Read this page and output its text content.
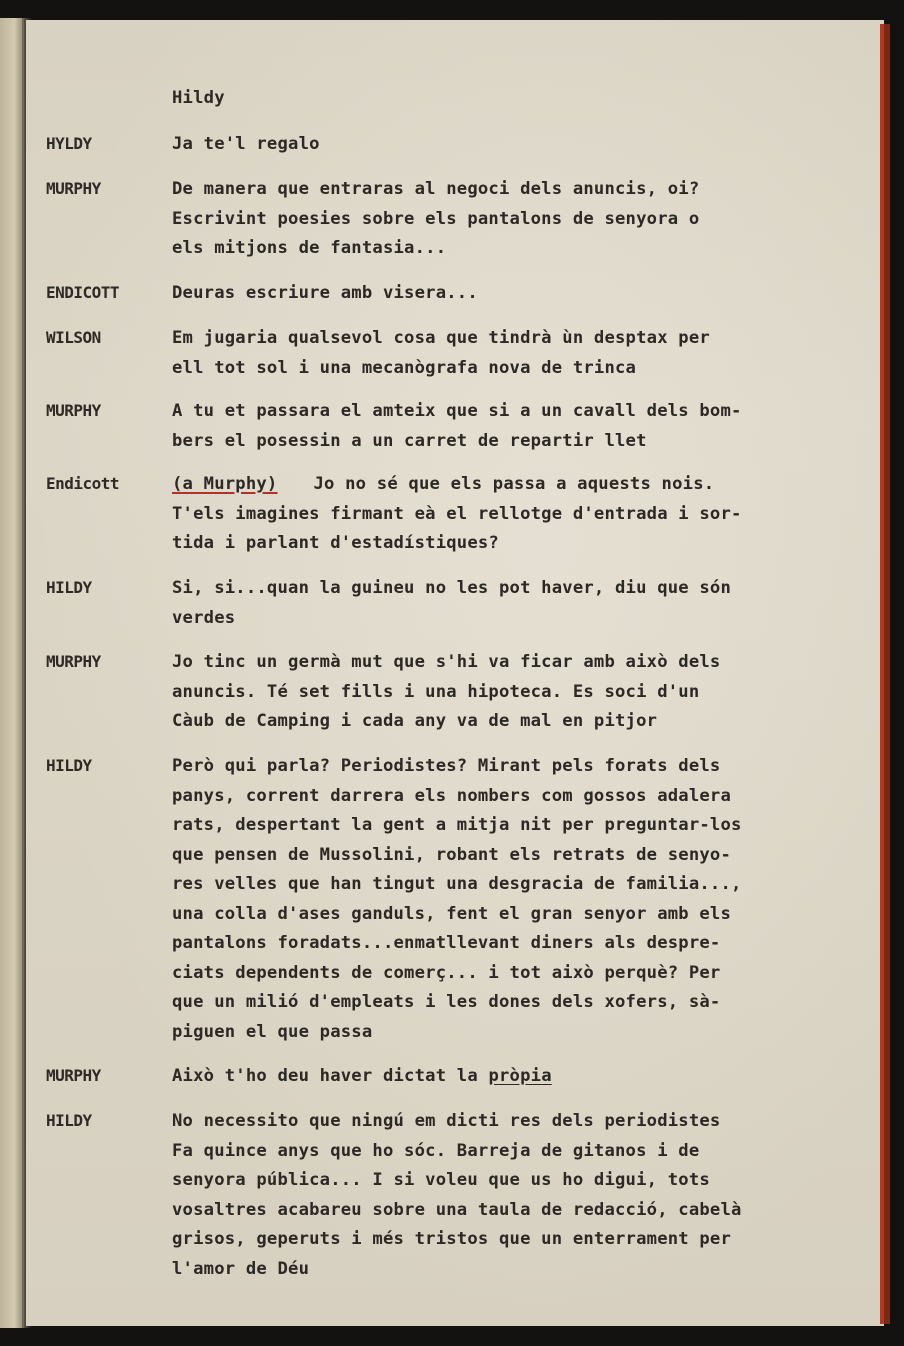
Hildy
HYLDY	Ja te'l regalo
MURPHY	De manera que entraras al negoci dels anuncis, oi?
Escrivint poesies sobre els pantalons de senyora o
els mitjons de fantasia...
ENDICOTT	Deuras escriure amb visera...
WILSON	Em jugaria qualsevol cosa que tindrà ùn desptax per
ell tot sol i una mecanògrafa nova de trinca
MURPHY	A tu et passara el amteix que si a un cavall dels bom-
bers el posessin a un carret de repartir llet
Endicott	(a Murphy) Jo no sé que els passa a aquests nois.
T'els imagines firmant eà el rellotge d'entrada i sor-
tida i parlant d'estadístiques?
HILDY	Si, si...quan la guineu no les pot haver, diu que són
verdes
MURPHY	Jo tinc un germà mut que s'hi va ficar amb això dels
anuncis. Té set fills i una hipoteca. Es soci d'un
Càub de Camping i cada any va de mal en pitjor
HILDY	Però qui parla? Periodistes? Mirant pels forats dels
panys, corrent darrera els nombers com gossos adalera
rats, despertant la gent a mitja nit per preguntar-los
que pensen de Mussolini, robant els retrats de senyo-
res velles que han tingut una desgracia de familia...,
una colla d'ases ganduls, fent el gran senyor amb els
pantalons foradats...enmatllevant diners als despre-
ciats dependents de comerç... i tot això perquè? Per
que un milió d'empleats i les dones dels xofers, sà-
piguen el que passa
MURPHY	Això t'ho deu haver dictat la pròpia
HILDY	No necessito que ningú em dicti res dels periodistes
Fa quince anys que ho sóc. Barreja de gitanos i de
senyora pública... I si voleu que us ho digui, tots
vosaltres acabareu sobre una taula de redacció, cabelà
grisos, geperuts i més tristos que un enterrament per
l'amor de Déu
